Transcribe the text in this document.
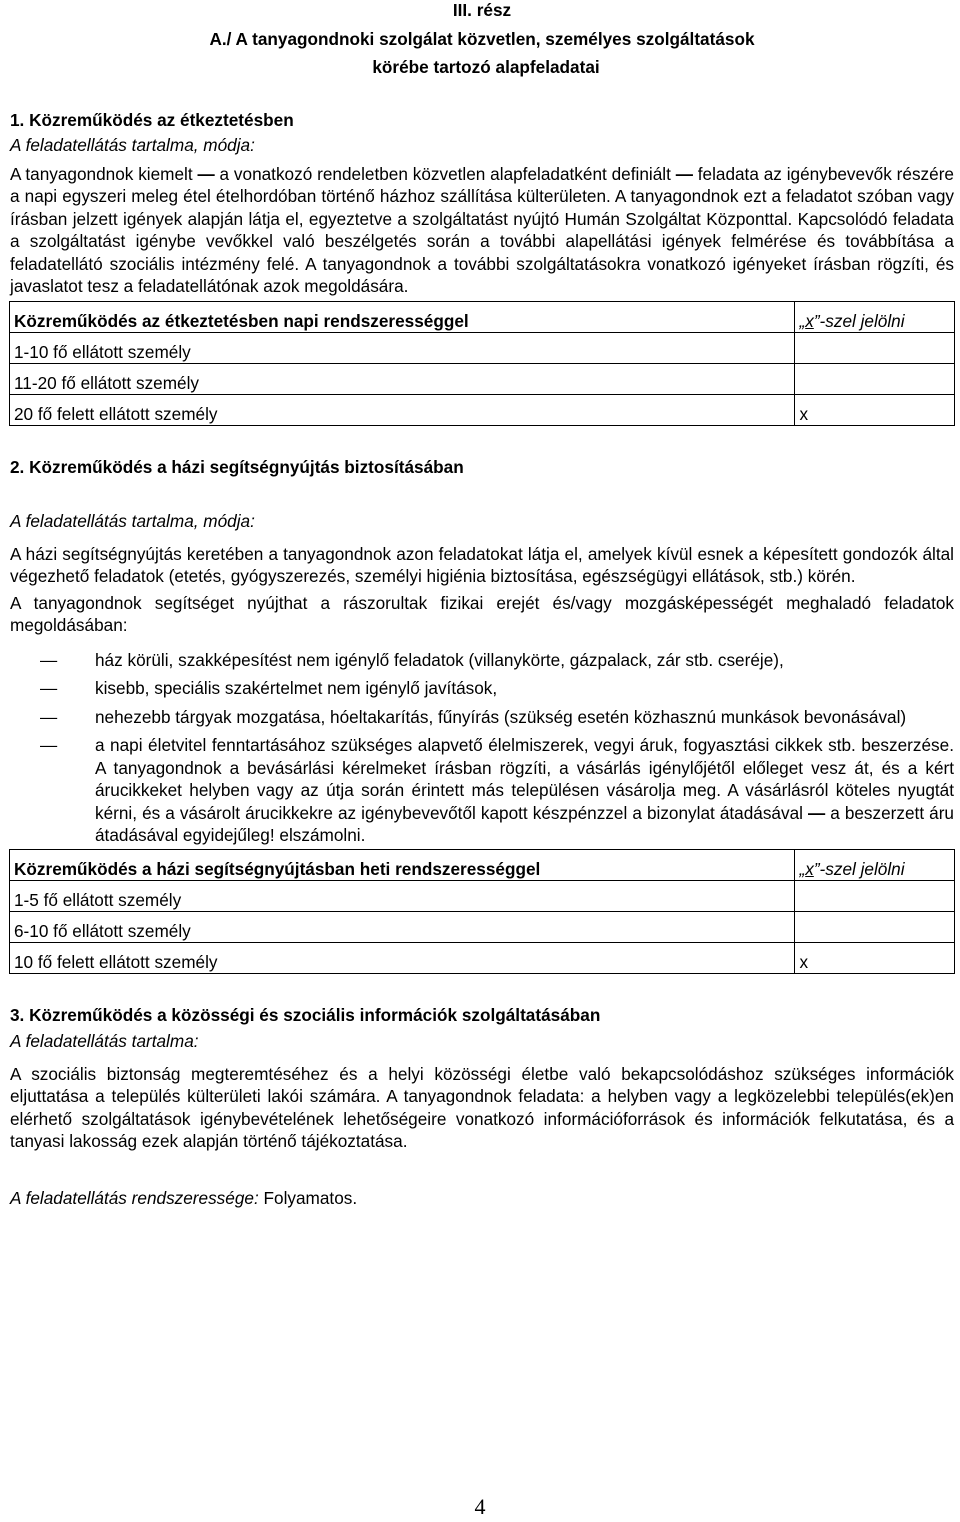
III. rész
A./ A tanyagondnoki szolgálat közvetlen, személyes szolgáltatások
körébe tartozó alapfeladatai
1. Közreműködés az étkeztetésben
A feladatellátás tartalma, módja:

A tanyagondnok kiemelt — a vonatkozó rendeletben közvetlen alapfeladatként definiált — feladata az igénybevevők részére a napi egyszeri meleg étel ételhordóban történő házhoz szállítása külterületen. A tanyagondnok ezt a feladatot szóban vagy írásban jelzett igények alapján látja el, egyeztetve a szolgáltatást nyújtó Humán Szolgáltat Központtal. Kapcsolódó feladata a szolgáltatást igénybe vevőkkel való beszélgetés során a további alapellátási igények felmérése és továbbítása a feladatellátó szociális intézmény felé. A tanyagondnok a további szolgáltatásokra vonatkozó igényeket írásban rögzíti, és javaslatot tesz a feladatellátónak azok megoldására.

Közreműködés az étkeztetésben napi rendszerességgel	„x”-szel jelölni
1-10 fő ellátott személy	
11-20 fő ellátott személy	
20 fő felett ellátott személy	x
2. Közreműködés a házi segítségnyújtás biztosításában
A feladatellátás tartalma, módja:

A házi segítségnyújtás keretében a tanyagondnok azon feladatokat látja el, amelyek kívül esnek a képesített gondozók által végezhető feladatok (etetés, gyógyszerezés, személyi higiénia biztosítása, egészségügyi ellátások, stb.) körén.

A tanyagondnok segítséget nyújthat a rászorultak fizikai erejét és/vagy mozgásképességét meghaladó feladatok megoldásában:

—	ház körüli, szakképesítést nem igénylő feladatok (villanykörte, gázpalack, zár stb. cseréje),
—	kisebb, speciális szakértelmet nem igénylő javítások,
—	nehezebb tárgyak mozgatása, hóeltakarítás, fűnyírás (szükség esetén közhasznú munkások bevonásával)
—	a napi életvitel fenntartásához szükséges alapvető élelmiszerek, vegyi áruk, fogyasztási cikkek stb. beszerzése. A tanyagondnok a bevásárlási kérelmeket írásban rögzíti, a vásárlás igénylőjétől előleget vesz át, és a kért árucikkeket helyben vagy az útja során érintett más településen vásárolja meg. A vásárlásról köteles nyugtát kérni, és a vásárolt árucikkekre az igénybevevőtől kapott készpénzzel a bizonylat átadásával — a beszerzett áru átadásával egyidejűleg! elszámolni.
Közreműködés a házi segítségnyújtásban heti rendszerességgel	„x”-szel jelölni
1-5 fő ellátott személy	
6-10 fő ellátott személy	
10 fő felett ellátott személy	x
3. Közreműködés a közösségi és szociális információk szolgáltatásában
A feladatellátás tartalma:

A szociális biztonság megteremtéséhez és a helyi közösségi életbe való bekapcsolódáshoz szükséges információk eljuttatása a település külterületi lakói számára. A tanyagondnok feladata: a helyben vagy a legközelebbi település(ek)en elérhető szolgáltatások igénybevételének lehetőségeire vonatkozó információforrások és információk felkutatása, és a tanyasi lakosság ezek alapján történő tájékoztatása.

A feladatellátás rendszeressége: Folyamatos.

4
